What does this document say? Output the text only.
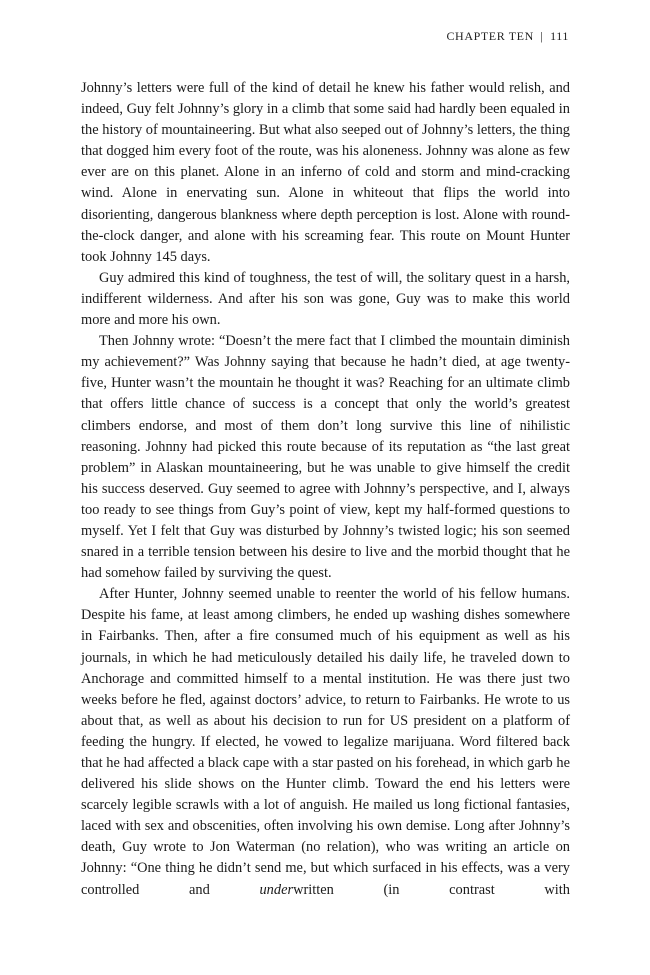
CHAPTER TEN | 111

Johnny’s letters were full of the kind of detail he knew his father would relish, and indeed, Guy felt Johnny’s glory in a climb that some said had hardly been equaled in the history of mountaineering. But what also seeped out of Johnny’s letters, the thing that dogged him every foot of the route, was his aloneness. Johnny was alone as few ever are on this planet. Alone in an inferno of cold and storm and mind-cracking wind. Alone in enervating sun. Alone in whiteout that flips the world into disorienting, dangerous blankness where depth perception is lost. Alone with round-the-clock danger, and alone with his screaming fear. This route on Mount Hunter took Johnny 145 days.

Guy admired this kind of toughness, the test of will, the solitary quest in a harsh, indifferent wilderness. And after his son was gone, Guy was to make this world more and more his own.

Then Johnny wrote: “Doesn’t the mere fact that I climbed the mountain diminish my achievement?” Was Johnny saying that because he hadn’t died, at age twenty-five, Hunter wasn’t the mountain he thought it was? Reaching for an ultimate climb that offers little chance of success is a concept that only the world’s greatest climbers endorse, and most of them don’t long survive this line of nihilistic reasoning. Johnny had picked this route because of its reputation as “the last great problem” in Alaskan mountaineering, but he was unable to give himself the credit his success deserved. Guy seemed to agree with Johnny’s perspective, and I, always too ready to see things from Guy’s point of view, kept my half-formed questions to myself. Yet I felt that Guy was disturbed by Johnny’s twisted logic; his son seemed snared in a terrible tension between his desire to live and the morbid thought that he had somehow failed by surviving the quest.

After Hunter, Johnny seemed unable to reenter the world of his fellow humans. Despite his fame, at least among climbers, he ended up washing dishes somewhere in Fairbanks. Then, after a fire consumed much of his equipment as well as his journals, in which he had meticulously detailed his daily life, he traveled down to Anchorage and committed himself to a mental institution. He was there just two weeks before he fled, against doctors’ advice, to return to Fairbanks. He wrote to us about that, as well as about his decision to run for US president on a platform of feeding the hungry. If elected, he vowed to legalize marijuana. Word filtered back that he had affected a black cape with a star pasted on his forehead, in which garb he delivered his slide shows on the Hunter climb. Toward the end his letters were scarcely legible scrawls with a lot of anguish. He mailed us long fictional fantasies, laced with sex and obscenities, often involving his own demise. Long after Johnny’s death, Guy wrote to Jon Waterman (no relation), who was writing an article on Johnny: “One thing he didn’t send me, but which surfaced in his effects, was a very controlled and underwritten (in contrast with
